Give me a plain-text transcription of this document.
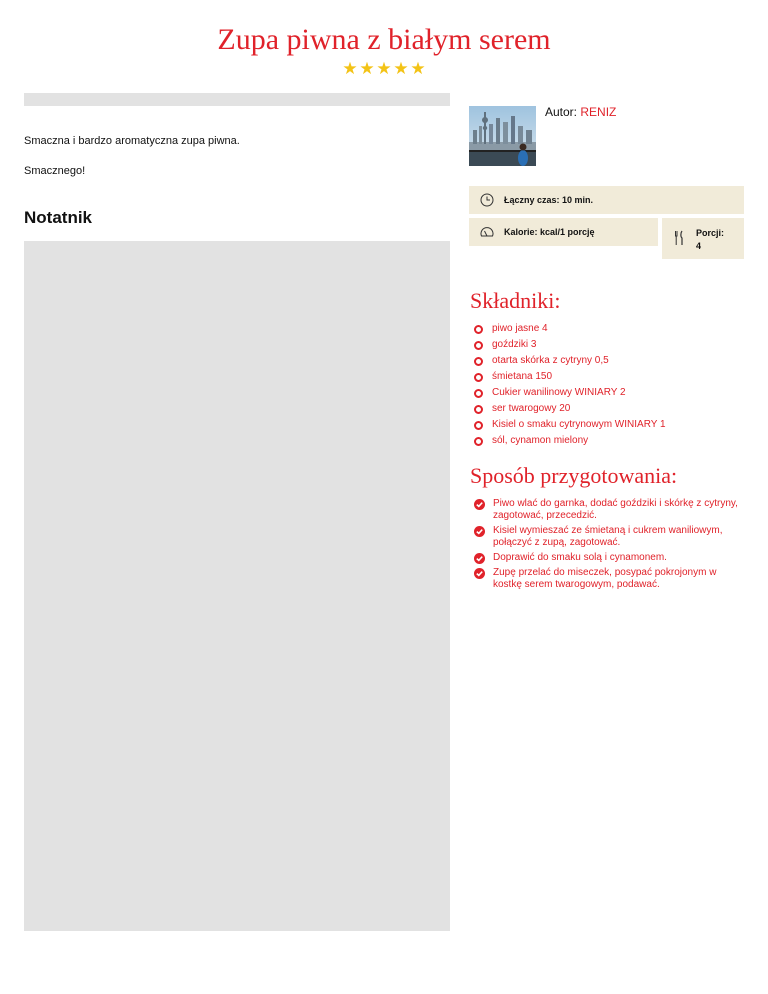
Zupa piwna z białym serem
★ ★ ★ ★ ★
Smaczna i bardzo aromatyczna zupa piwna.
Smacznego!
Notatnik
Autor: RENIZ
Łączny czas: 10 min.
Kalorie: kcal/1 porcję	Porcji:
4
Składniki:
piwo jasne 4
goździki 3
otarta skórka z cytryny 0,5
śmietana 150
Cukier wanilinowy WINIARY 2
ser twarogowy 20
Kisiel o smaku cytrynowym WINIARY 1
sól, cynamon mielony
Sposób przygotowania:
Piwo wlać do garnka, dodać goździki i skórkę z cytryny, zagotować, przecedzić.
Kisiel wymieszać ze śmietaną i cukrem waniliowym, połączyć z zupą, zagotować.
Doprawić do smaku solą i cynamonem.
Zupę przelać do miseczek, posypać pokrojonym w kostkę serem twarogowym, podawać.
